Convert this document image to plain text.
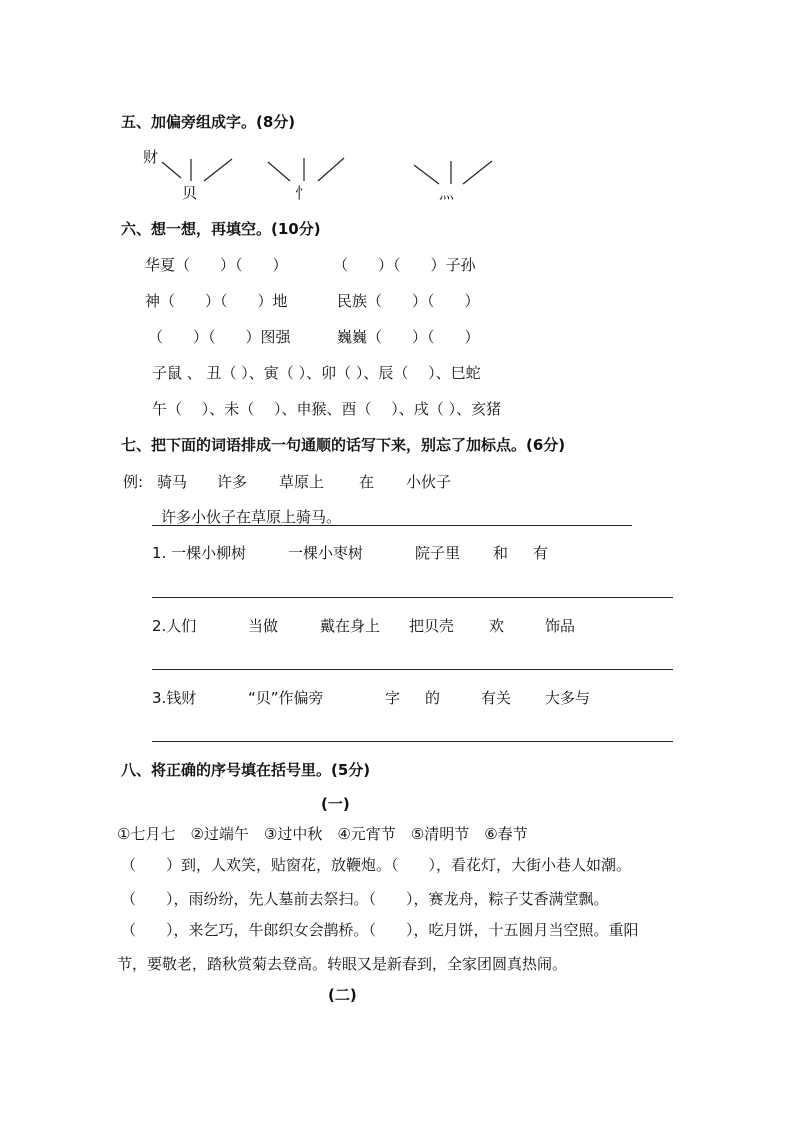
五、加偏旁组成字。(8分)
财
贝	忄	灬
六、想一想，再填空。(10分)
华夏（　　）（　　）	（　　）（　　）子孙
神（　　）（　　）地	民族（　　）（　　）
（　　）（　　）图强	巍巍（　　）（　　）
子鼠 、 丑（ ）、寅（ ）、卯（ ）、辰（　 ）、巳蛇
午（　 ）、未（　 ）、申猴、酉（　 ）、戌（ ）、亥猪
七、把下面的词语排成一句通顺的话写下来，别忘了加标点。(6分)
例: 骑马 许多 草原上 在 小伙子
许多小伙子在草原上骑马。
1. 一棵小柳树	一棵小枣树	院子里 和 有
2.人们	当做	戴在身上 把贝壳 欢	饰品
3.钱财	“贝”作偏旁	字 的	有关 大多与
八、将正确的序号填在括号里。(5分)
(一)
①七月七　②过端午　③过中秋　④元宵节　⑤清明节　⑥春节
（　　）到，人欢笑，贴窗花，放鞭炮。（　　），看花灯，大街小巷人如潮。
（　　），雨纷纷，先人墓前去祭扫。（　　），赛龙舟，粽子艾香满堂飘。
（　　），来乞巧，牛郎织女会鹊桥。（　　），吃月饼，十五圆月当空照。重阳
节，要敬老，踏秋赏菊去登高。转眼又是新春到，全家团圆真热闹。
(二)
